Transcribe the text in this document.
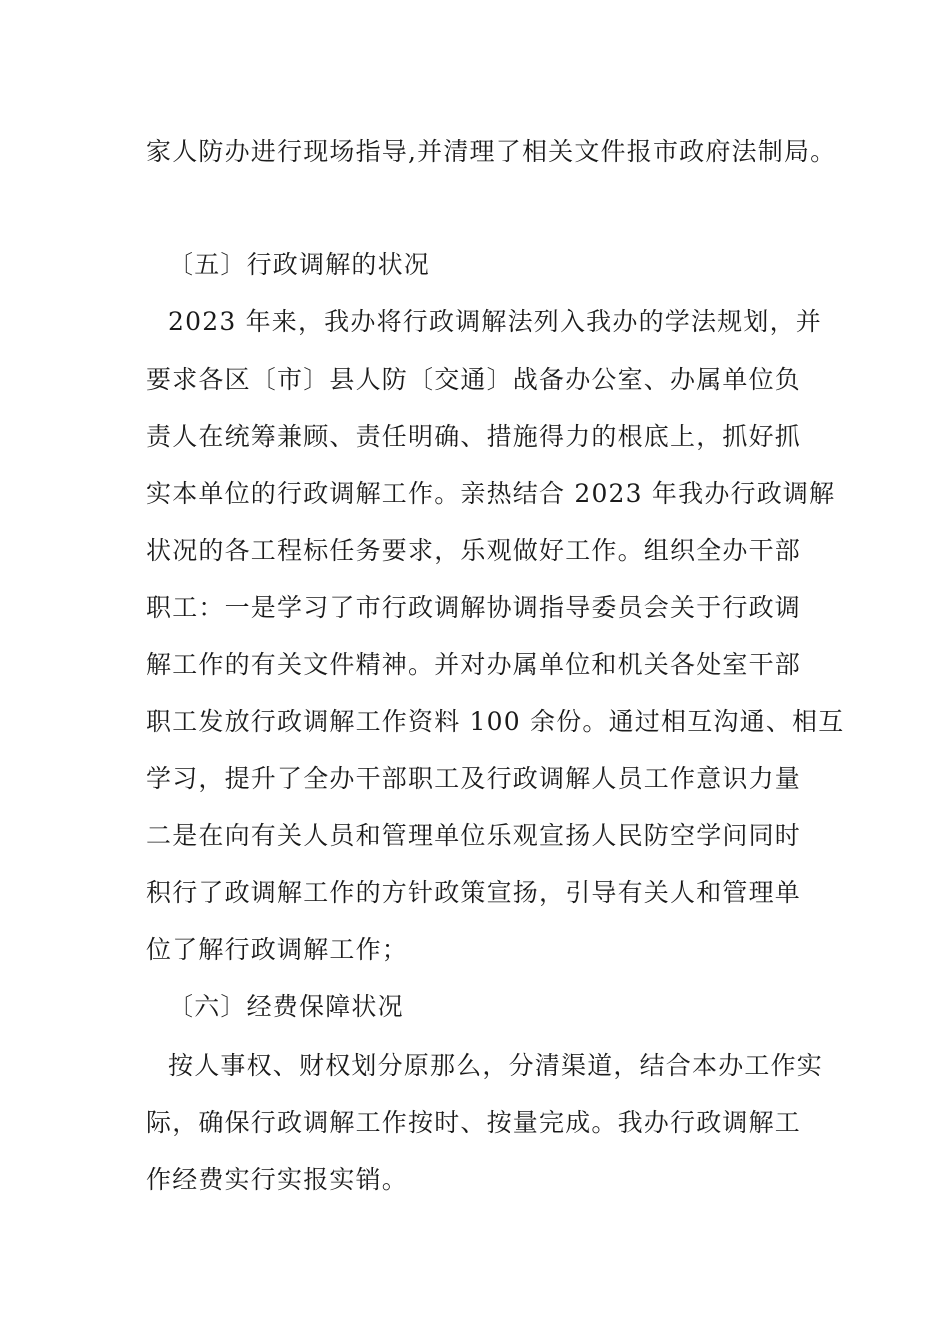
家人防办进行现场指导,并清理了相关文件报市政府法制局。
〔五〕行政调解的状况
2023 年来，我办将行政调解法列入我办的学法规划，并
要求各区〔市〕县人防〔交通〕战备办公室、办属单位负
责人在统筹兼顾、责任明确、措施得力的根底上，抓好抓
实本单位的行政调解工作。亲热结合 2023 年我办行政调解
状况的各工程标任务要求，乐观做好工作。组织全办干部
职工：一是学习了市行政调解协调指导委员会关于行政调
解工作的有关文件精神。并对办属单位和机关各处室干部
职工发放行政调解工作资料 100 余份。通过相互沟通、相互
学习，提升了全办干部职工及行政调解人员工作意识力量
二是在向有关人员和管理单位乐观宣扬人民防空学问同时
积行了政调解工作的方针政策宣扬，引导有关人和管理单
位了解行政调解工作；
〔六〕经费保障状况
按人事权、财权划分原那么，分清渠道，结合本办工作实
际，确保行政调解工作按时、按量完成。我办行政调解工
作经费实行实报实销。
